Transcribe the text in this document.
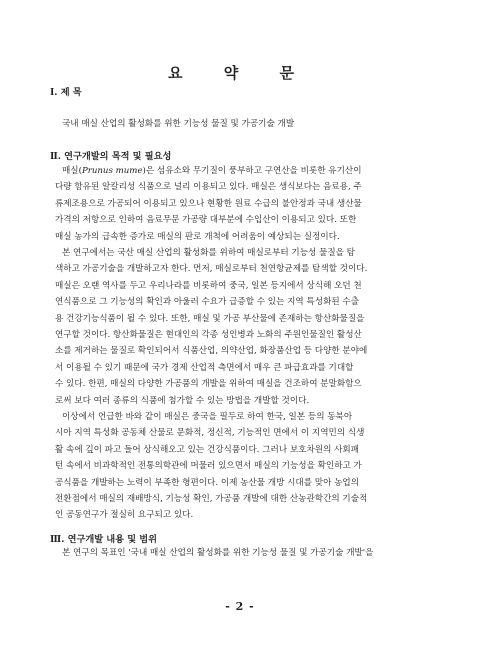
요 약 문
Ⅰ. 제 목
국내 매실 산업의 활성화를 위한 기능성 물질 및 가공기술 개발
Ⅱ. 연구개발의 목적 및 필요성
매실(Prunus mume)은 섬유소와 무기질이 풍부하고 구연산을 비롯한 유기산이
다량 함유된 알칼리성 식품으로 널리 이용되고 있다. 매실은 생식보다는 음료용, 주
류제조용으로 가공되어 이용되고 있으나 현황한 원료 수급의 불안정과 국내 생산물
가격의 저항으로 인하여 음료무문 가공량 대부분에 수입산이 이용되고 있다. 또한
매실 농가의 급속한 증가로 매실의 판로 개척에 어려움이 예상되는 실정이다.
본 연구에서는 국산 매실 산업의 활성화를 위하여 매실로부터 기능성 물질을 탐
색하고 가공기술을 개발하고자 한다. 먼저, 매실로부터 천연항균제를 탐색할 것이다.
매실은 오랜 역사를 두고 우리나라를 비롯하여 중국, 일본 등지에서 상식해 오던 천
연식품으로 그 기능성의 확인과 아울러 수요가 급증할 수 있는 지역 특성화된 수출
용 건강기능식품이 될 수 있다. 또한, 매실 및 가공 부산물에 존재하는 항산화물질을
연구할 것이다. 항산화물질은 현대인의 각종 성인병과 노화의 주원인물질인 활성산
소를 제거하는 물질로 확인되어서 식품산업, 의약산업, 화장품산업 등 다양한 분야에
서 이용될 수 있기 때문에 국가 경제 산업적 측면에서 매우 큰 파급효과를 기대할
수 있다. 한편, 매실의 다양한 가공품의 개발을 위하여 매실을 건조하여 분말화함으
로써 보다 여러 종류의 식품에 첨가할 수 있는 방법을 개발할 것이다.
이상에서 언급한 바와 같이 매실은 중국을 필두로 하여 한국, 일본 등의 동북아
시아 지역 특성화 공동체 산물로 문화적, 정신적, 기능적인 면에서 이 지역민의 식생
활 속에 깊이 파고 들어 상식해오고 있는 건강식품이다. 그러나 보호차원의 사회패
턴 속에서 비과학적인 전통의학관에 머물러 있으면서 매실의 기능성을 확인하고 가
공식품을 개발하는 노력이 부족한 형편이다. 이제 농산물 개방 시대를 맞아 농업의
전환점에서 매실의 재배방식, 기능성 확인, 가공품 개발에 대한 산농관학간의 기술적
인 공동연구가 절실히 요구되고 있다.
Ⅲ. 연구개발 내용 및 범위
본 연구의 목표인 '국내 매실 산업의 활성화를 위한 기능성 물질 및 가공기술 개발'을
- 2 -
